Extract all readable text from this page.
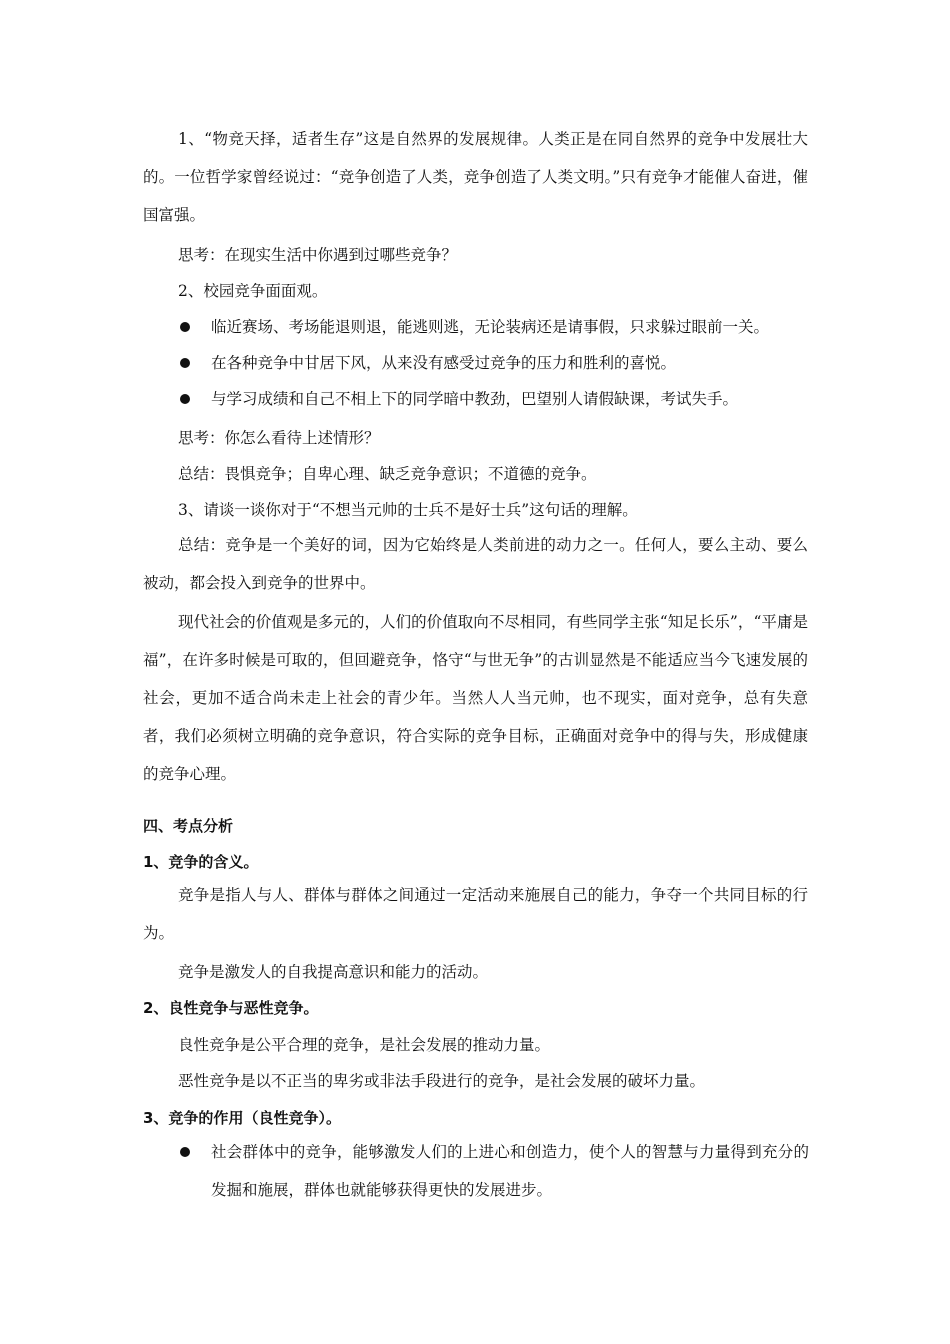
1、“物竞天择，适者生存”这是自然界的发展规律。人类正是在同自然界的竞争中发展壮大的。一位哲学家曾经说过：“竞争创造了人类，竞争创造了人类文明。”只有竞争才能催人奋进，催国富强。

思考：在现实生活中你遇到过哪些竞争？

2、校园竞争面面观。

临近赛场、考场能退则退，能逃则逃，无论装病还是请事假，只求躲过眼前一关。
在各种竞争中甘居下风，从来没有感受过竞争的压力和胜利的喜悦。
与学习成绩和自己不相上下的同学暗中教劲，巴望别人请假缺课，考试失手。

思考：你怎么看待上述情形？

总结：畏惧竞争；自卑心理、缺乏竞争意识；不道德的竞争。

3、请谈一谈你对于“不想当元帅的士兵不是好士兵”这句话的理解。

总结：竞争是一个美好的词，因为它始终是人类前进的动力之一。任何人，要么主动、要么被动，都会投入到竞争的世界中。

现代社会的价值观是多元的，人们的价值取向不尽相同，有些同学主张“知足长乐”，“平庸是福”，在许多时候是可取的，但回避竞争，恪守“与世无争”的古训显然是不能适应当今飞速发展的社会，更加不适合尚未走上社会的青少年。当然人人当元帅，也不现实，面对竞争，总有失意者，我们必须树立明确的竞争意识，符合实际的竞争目标，正确面对竞争中的得与失，形成健康的竞争心理。

四、考点分析

1、竞争的含义。

竞争是指人与人、群体与群体之间通过一定活动来施展自己的能力，争夺一个共同目标的行为。

竞争是激发人的自我提高意识和能力的活动。

2、良性竞争与恶性竞争。

良性竞争是公平合理的竞争，是社会发展的推动力量。

恶性竞争是以不正当的卑劣或非法手段进行的竞争，是社会发展的破坏力量。

3、竞争的作用（良性竞争）。

社会群体中的竞争，能够激发人们的上进心和创造力，使个人的智慧与力量得到充分的发掘和施展，群体也就能够获得更快的发展进步。
